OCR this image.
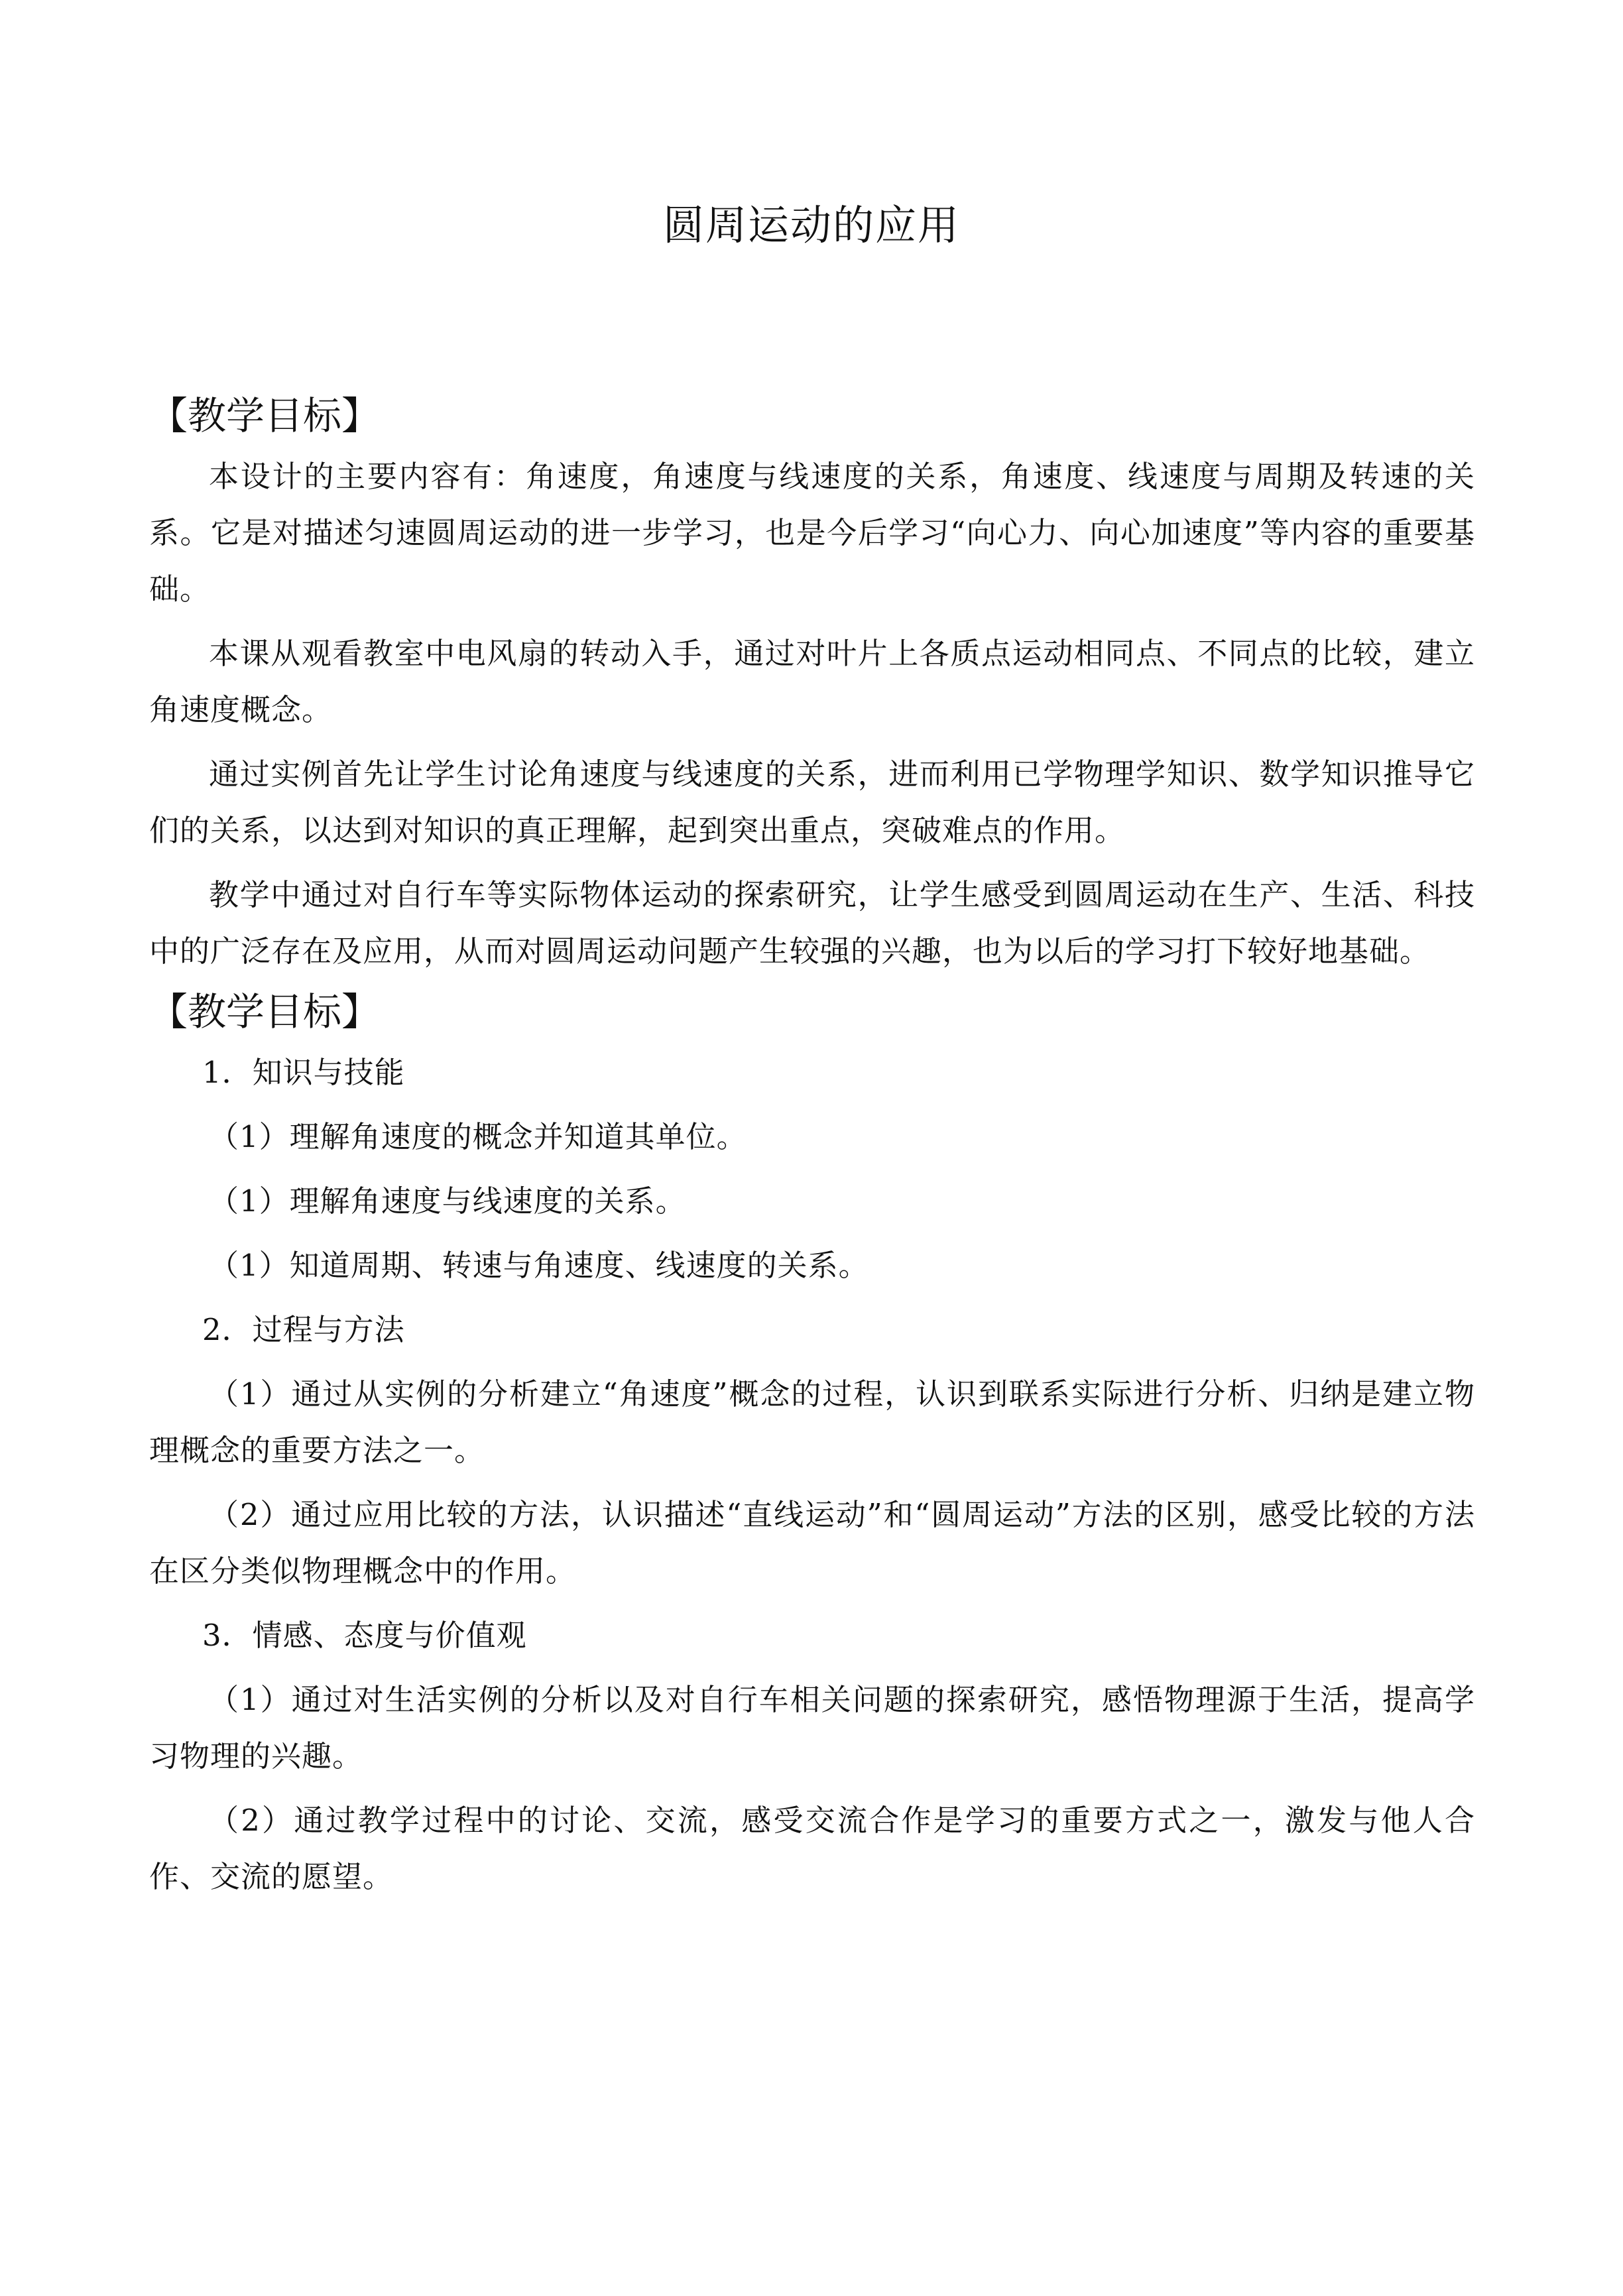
圆周运动的应用
【教学目标】

本设计的主要内容有：角速度，角速度与线速度的关系，角速度、线速度与周期及转速的关系。它是对描述匀速圆周运动的进一步学习，也是今后学习“向心力、向心加速度”等内容的重要基础。

本课从观看教室中电风扇的转动入手，通过对叶片上各质点运动相同点、不同点的比较，建立角速度概念。

通过实例首先让学生讨论角速度与线速度的关系，进而利用已学物理学知识、数学知识推导它们的关系，以达到对知识的真正理解，起到突出重点，突破难点的作用。

教学中通过对自行车等实际物体运动的探索研究，让学生感受到圆周运动在生产、生活、科技中的广泛存在及应用，从而对圆周运动问题产生较强的兴趣，也为以后的学习打下较好地基础。

【教学目标】

1．知识与技能

（1）理解角速度的概念并知道其单位。

（1）理解角速度与线速度的关系。

（1）知道周期、转速与角速度、线速度的关系。

2．过程与方法

（1）通过从实例的分析建立“角速度”概念的过程，认识到联系实际进行分析、归纳是建立物理概念的重要方法之一。

（2）通过应用比较的方法，认识描述“直线运动”和“圆周运动”方法的区别，感受比较的方法在区分类似物理概念中的作用。

3．情感、态度与价值观

（1）通过对生活实例的分析以及对自行车相关问题的探索研究，感悟物理源于生活，提高学习物理的兴趣。

（2）通过教学过程中的讨论、交流，感受交流合作是学习的重要方式之一，激发与他人合作、交流的愿望。
